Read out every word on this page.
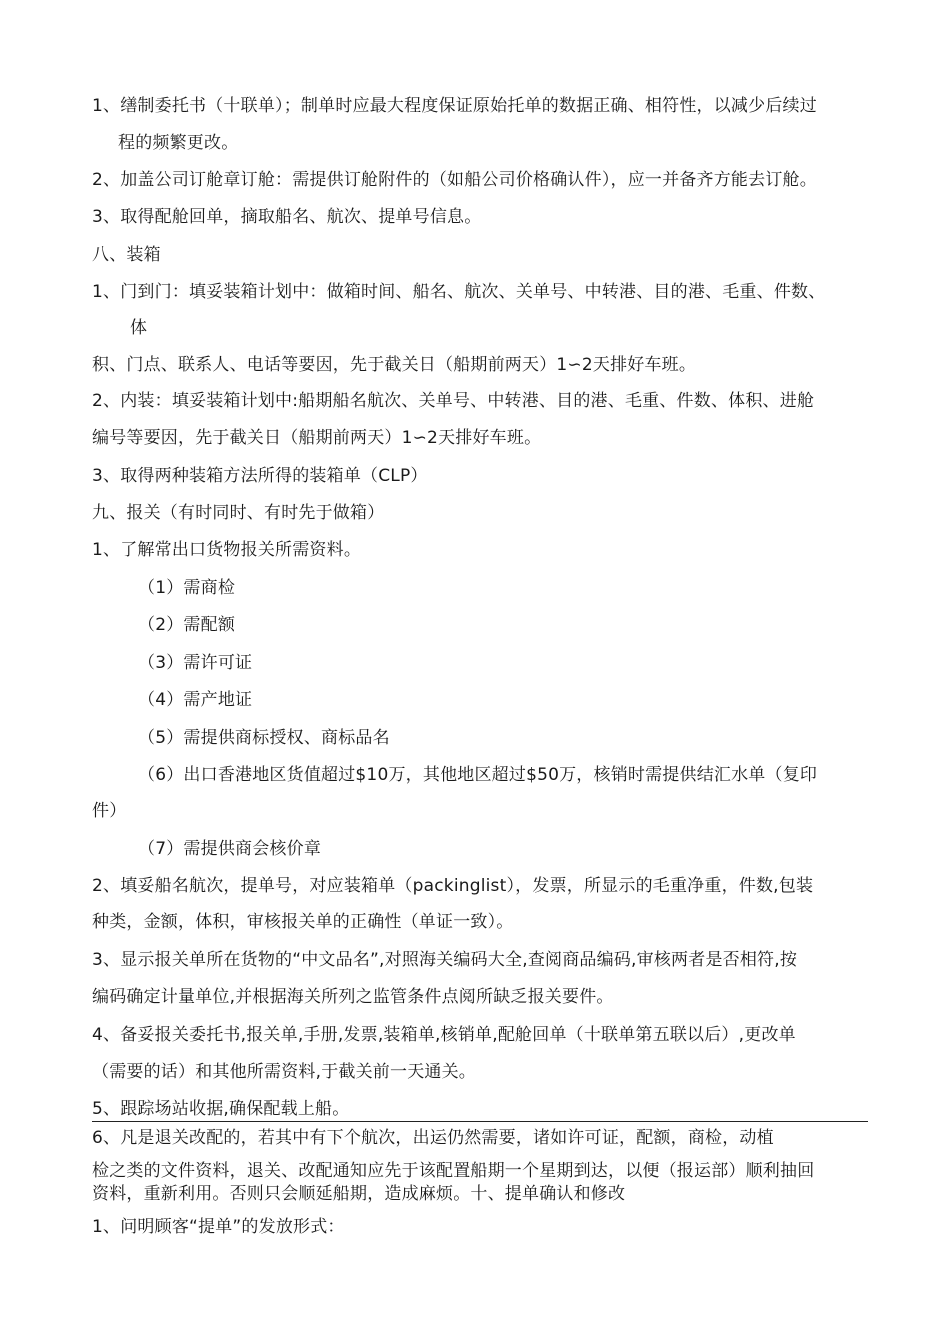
1、缮制委托书（十联单）；制单时应最大程度保证原始托单的数据正确、相符性，以减少后续过
程的频繁更改。
2、加盖公司订舱章订舱：需提供订舱附件的（如船公司价格确认件），应一并备齐方能去订舱。
3、取得配舱回单，摘取船名、航次、提单号信息。
八、装箱
1、门到门：填妥装箱计划中：做箱时间、船名、航次、关单号、中转港、目的港、毛重、件数、
体
积、门点、联系人、电话等要因，先于截关日（船期前两天）1∽2天排好车班。
2、内装：填妥装箱计划中:船期船名航次、关单号、中转港、目的港、毛重、件数、体积、进舱
编号等要因，先于截关日（船期前两天）1∽2天排好车班。
3、取得两种装箱方法所得的装箱单（CLP）
九、报关（有时同时、有时先于做箱）
1、了解常出口货物报关所需资料。
（1）需商检
（2）需配额
（3）需许可证
（4）需产地证
（5）需提供商标授权、商标品名
（6）出口香港地区货值超过$10万，其他地区超过$50万，核销时需提供结汇水单（复印
件）
（7）需提供商会核价章
2、填妥船名航次，提单号，对应装箱单（packinglist），发票，所显示的毛重净重，件数,包装
种类，金额，体积，审核报关单的正确性（单证一致）。
3、显示报关单所在货物的“中文品名”,对照海关编码大全,查阅商品编码,审核两者是否相符,按
编码确定计量单位,并根据海关所列之监管条件点阅所缺乏报关要件。
4、备妥报关委托书,报关单,手册,发票,装箱单,核销单,配舱回单（十联单第五联以后）,更改单
（需要的话）和其他所需资料,于截关前一天通关。
5、跟踪场站收据,确保配载上船。
6、凡是退关改配的，若其中有下个航次，出运仍然需要，诸如许可证，配额，商检，动植
检之类的文件资料，退关、改配通知应先于该配置船期一个星期到达，以便（报运部）顺利抽回
资料，重新利用。否则只会顺延船期，造成麻烦。十、提单确认和修改
1、问明顾客“提单”的发放形式：
